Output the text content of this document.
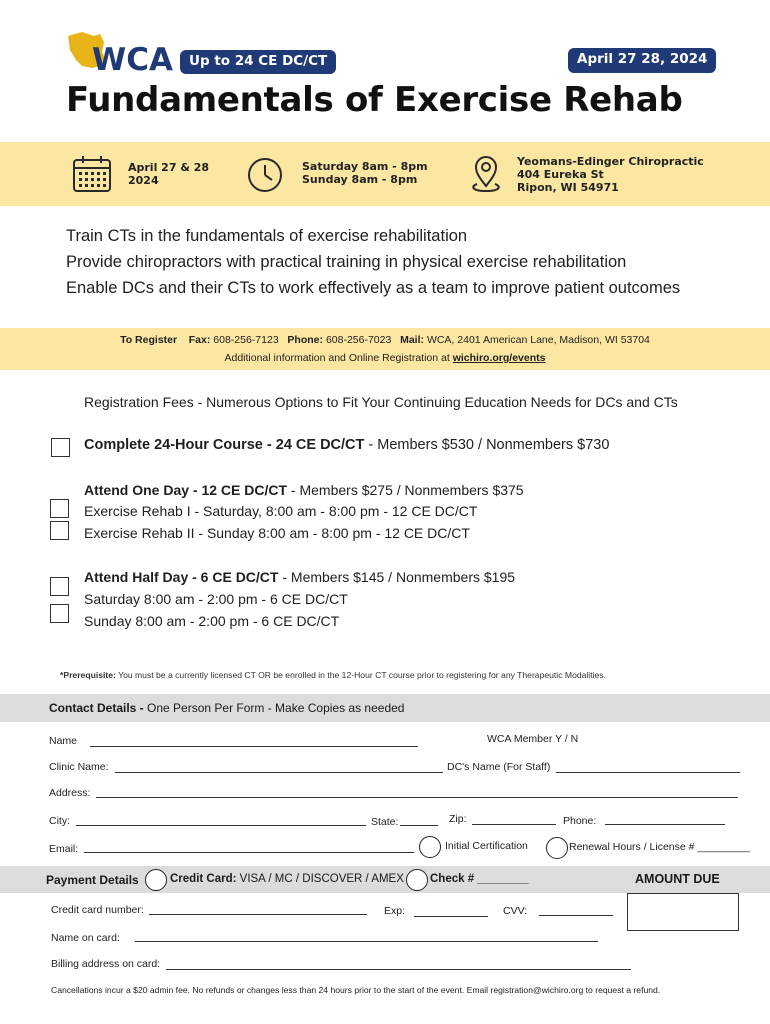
WCA	Up to 24 CE DC/CT	April 27 28, 2024
Fundamentals of Exercise Rehab
April 27 & 28
2024
Saturday 8am - 8pm
Sunday 8am - 8pm
Yeomans-Edinger Chiropractic
404 Eureka St
Ripon, WI 54971
Train CTs in the fundamentals of exercise rehabilitation
Provide chiropractors with practical training in physical exercise rehabilitation
Enable DCs and their CTs to work effectively as a team to improve patient outcomes
To Register Fax: 608-256-7123 Phone: 608-256-7023 Mail: WCA, 2401 American Lane, Madison, WI 53704
Additional information and Online Registration at wichiro.org/events
Registration Fees - Numerous Options to Fit Your Continuing Education Needs for DCs and CTs
Complete 24-Hour Course - 24 CE DC/CT - Members $530 / Nonmembers $730
Attend One Day - 12 CE DC/CT - Members $275 / Nonmembers $375
Exercise Rehab I - Saturday, 8:00 am - 8:00 pm - 12 CE DC/CT
Exercise Rehab II - Sunday 8:00 am - 8:00 pm - 12 CE DC/CT
Attend Half Day - 6 CE DC/CT - Members $145 / Nonmembers $195
Saturday 8:00 am - 2:00 pm - 6 CE DC/CT
Sunday 8:00 am - 2:00 pm - 6 CE DC/CT
*Prerequisite: You must be a currently licensed CT OR be enrolled in the 12-Hour CT course prior to registering for any Therapeutic Modalities.
Contact Details - One Person Per Form - Make Copies as needed
Name	WCA Member Y / N
Clinic Name:	DC's Name (For Staff)
Address:
City:	State:	Zip:	Phone:
Email:	Initial Certification	Renewal Hours / License # _________
Payment Details	Credit Card: VISA / MC / DISCOVER / AMEX Check # ________	AMOUNT DUE
Credit card number:	Exp:	CVV:
Name on card:
Billing address on card:
Cancellations incur a $20 admin fee. No refunds or changes less than 24 hours prior to the start of the event. Email registration@wichiro.org to request a refund.
